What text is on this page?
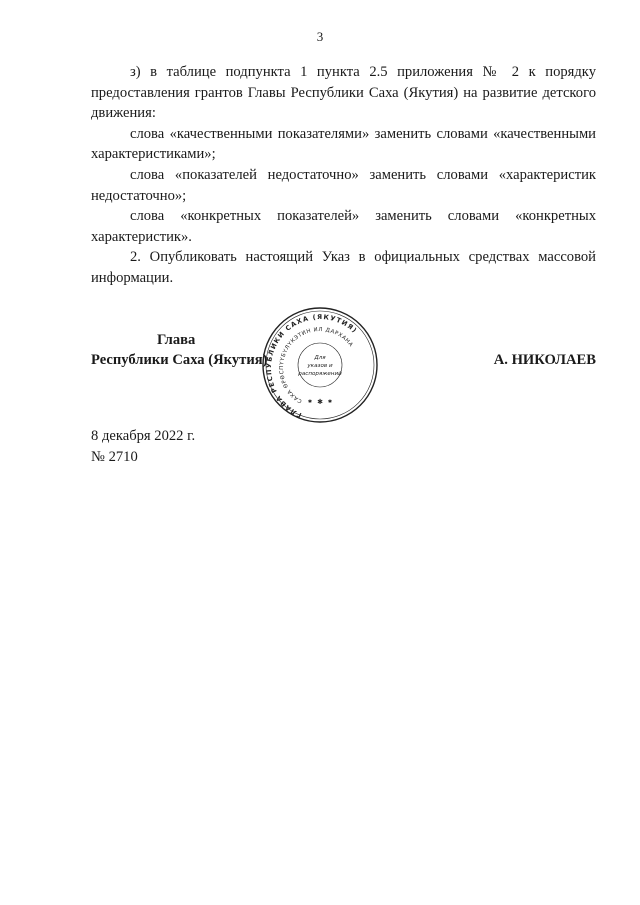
3

з) в таблице подпункта 1 пункта 2.5 приложения № 2 к порядку предоставления грантов Главы Республики Саха (Якутия) на развитие детского движения:

слова «качественными показателями» заменить словами «качественными характеристиками»;

слова «показателей недостаточно» заменить словами «характеристик недостаточно»;

слова «конкретных показателей» заменить словами «конкретных характеристик».

2. Опубликовать настоящий Указ в официальных средствах массовой информации.

Глава
Республики Саха (Якутия)	А. НИКОЛАЕВ
ГЛАВА РЕСПУБЛИКИ САХА (ЯКУТИЯ)
САХА ӨРӨСПҮҮБҮЛҮКЭТИН ИЛ ДАРХАНА
✱
✱	✱
Для
указов и
распоряжений
8 декабря 2022 г.
№ 2710
